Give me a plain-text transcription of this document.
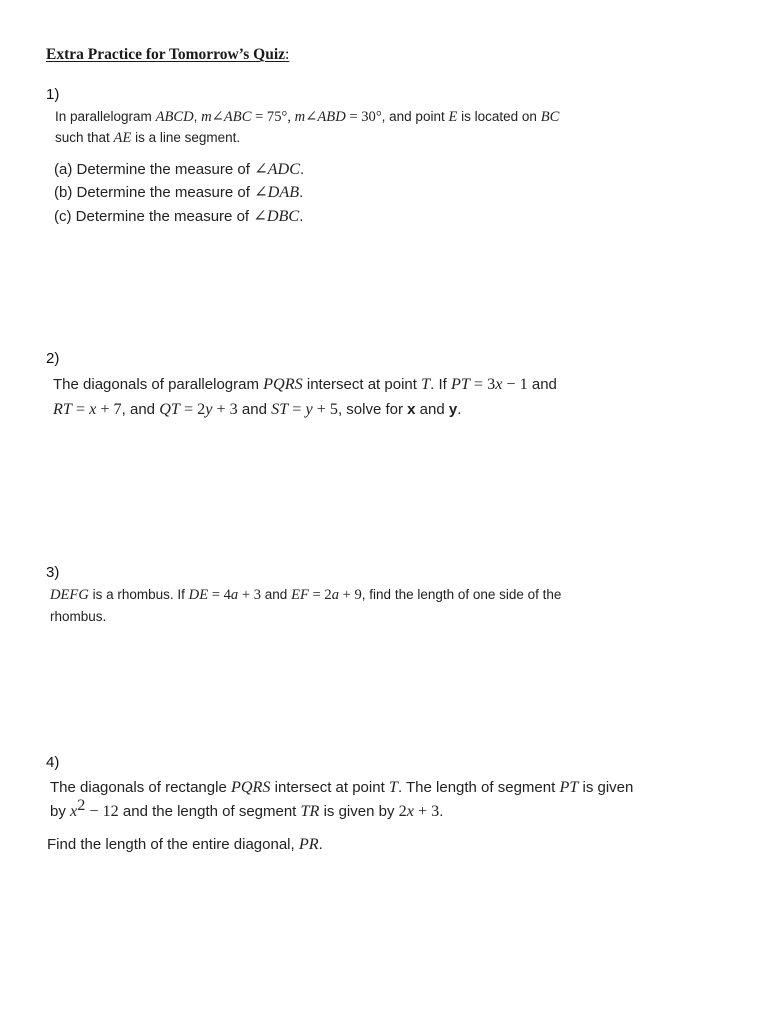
Extra Practice for Tomorrow’s Quiz:
1)
In parallelogram ABCD, m∠ABC = 75°, m∠ABD = 30°, and point E is located on BC
such that AE is a line segment.
(a) Determine the measure of ∠ADC.
(b) Determine the measure of ∠DAB.
(c) Determine the measure of ∠DBC.
2)
The diagonals of parallelogram PQRS intersect at point T. If PT = 3x − 1 and
RT = x + 7, and QT = 2y + 3 and ST = y + 5, solve for x and y.
3)
DEFG is a rhombus. If DE = 4a + 3 and EF = 2a + 9, find the length of one side of the
rhombus.
4)
The diagonals of rectangle PQRS intersect at point T. The length of segment PT is given
by $x^2 - 12$ and the length of segment TR is given by 2x + 3.
Find the length of the entire diagonal, PR.
